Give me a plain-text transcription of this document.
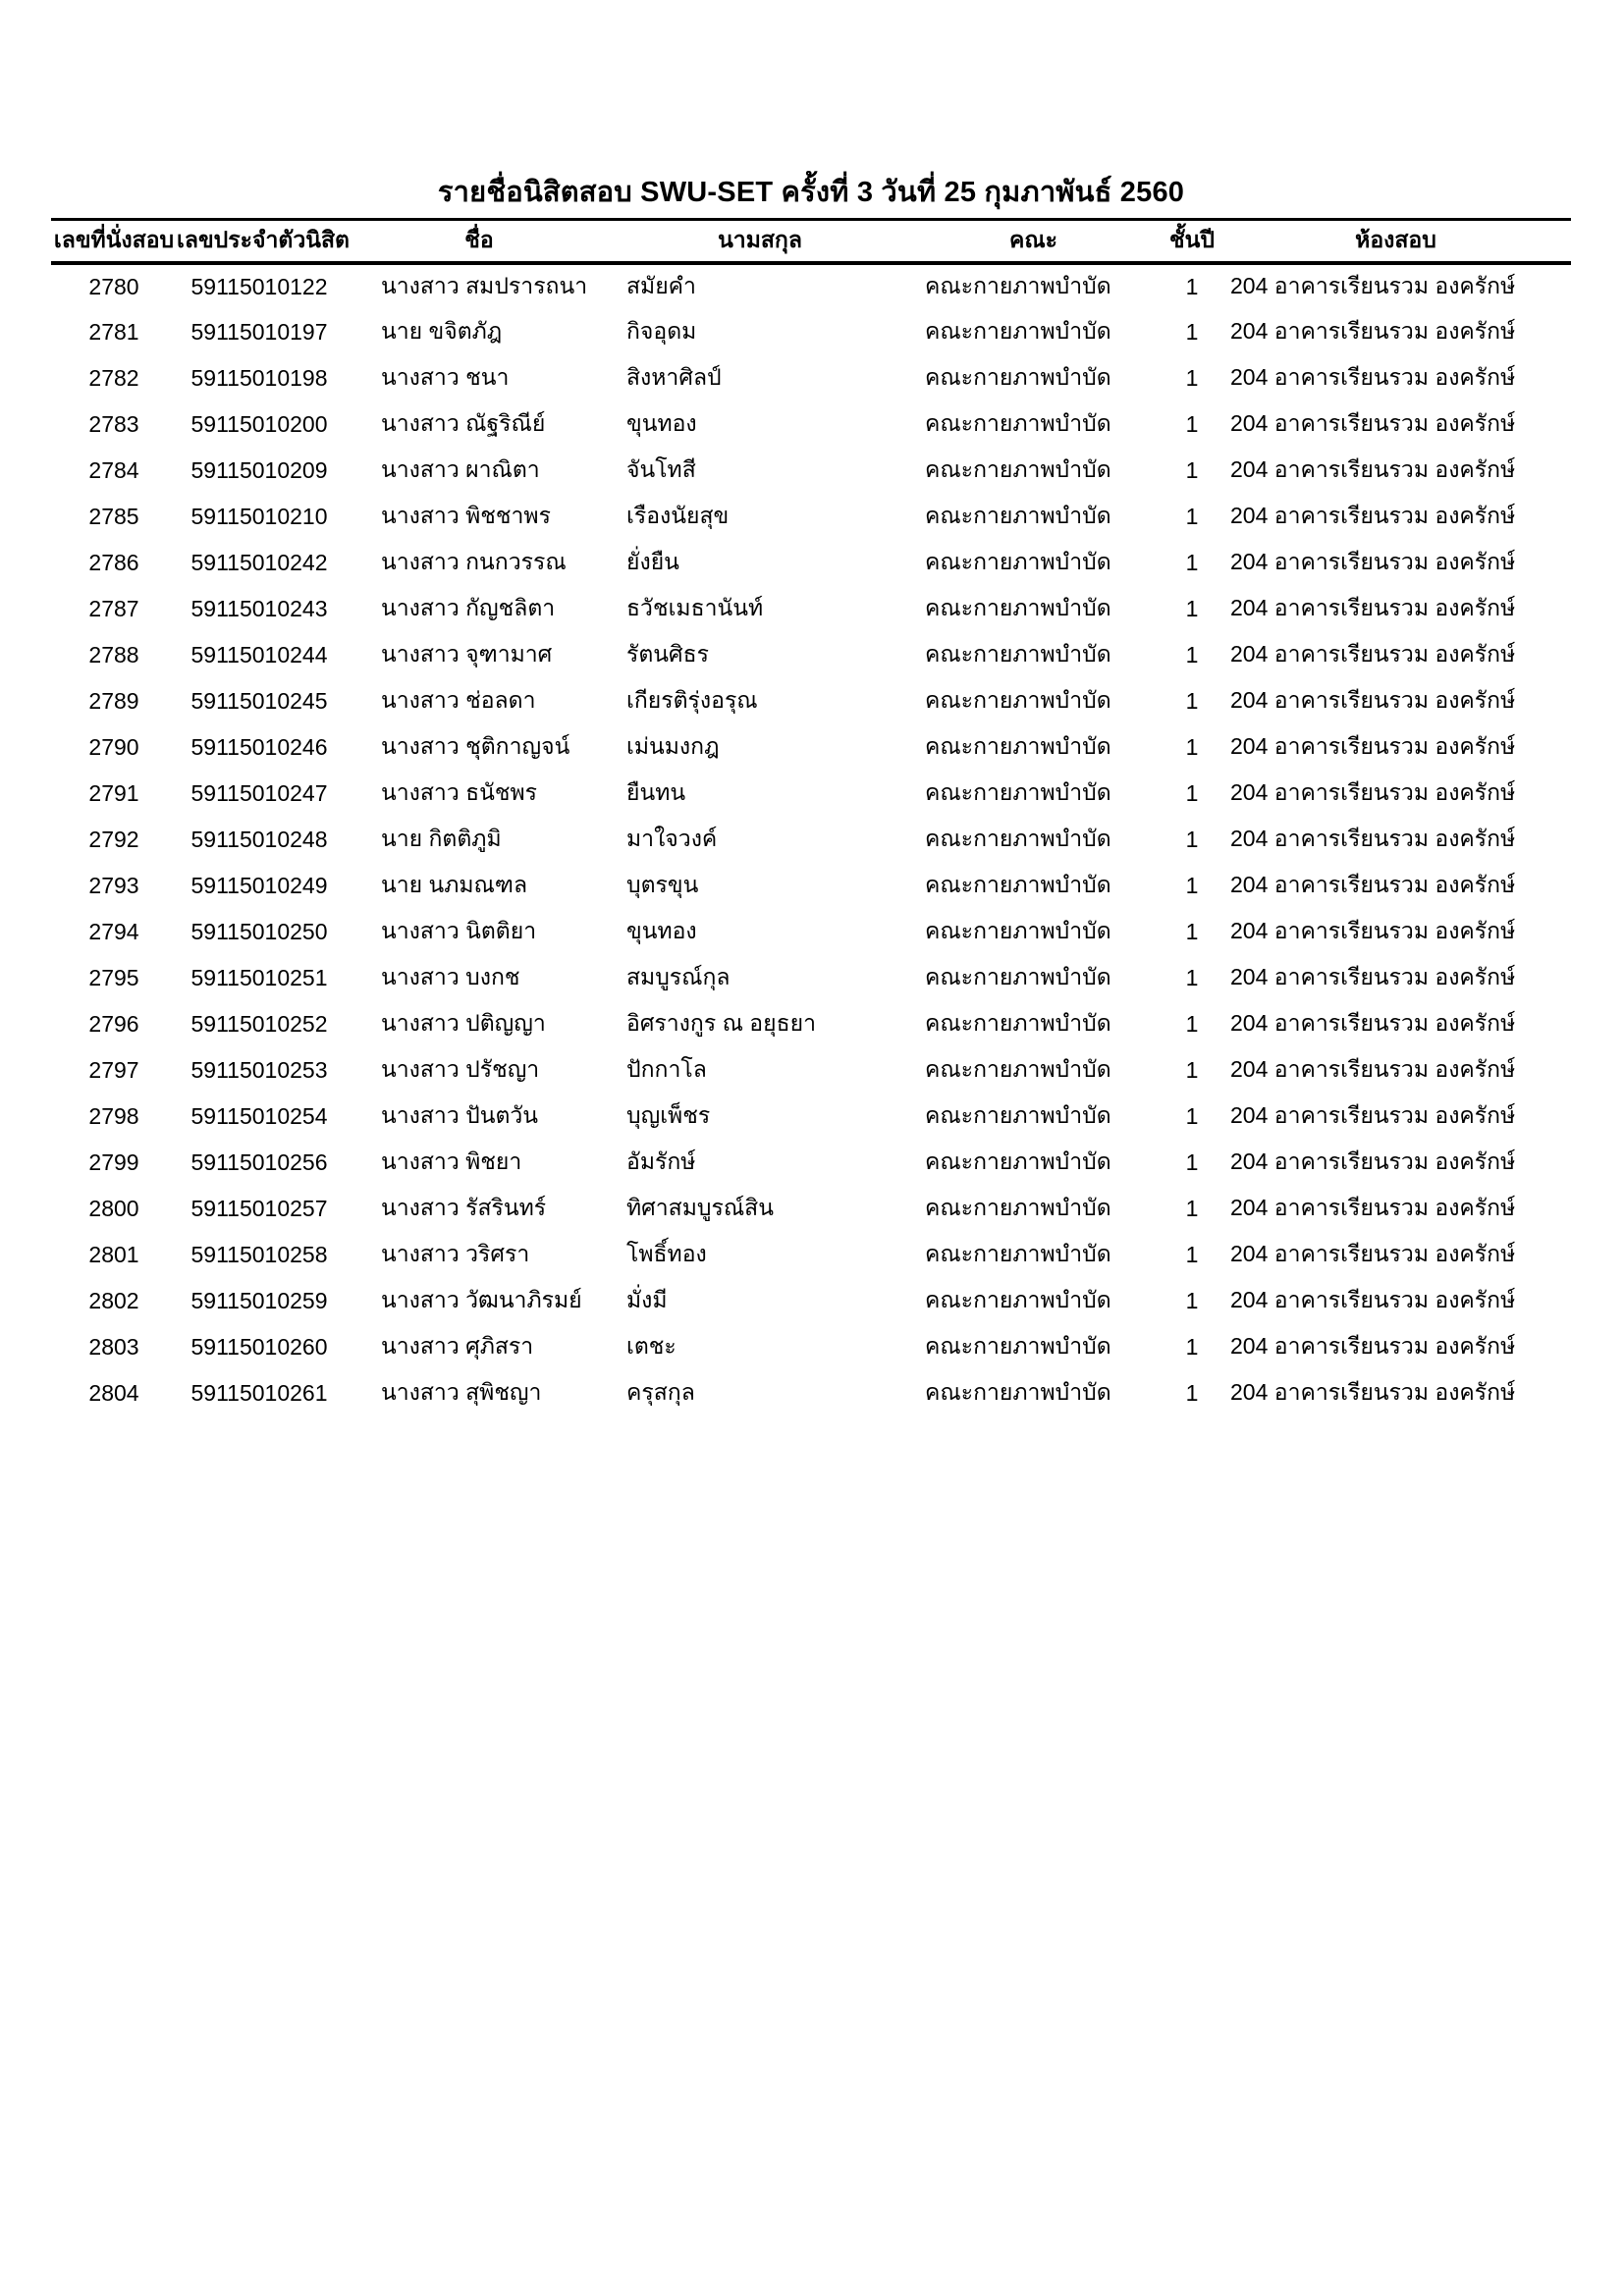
รายชื่อนิสิตสอบ SWU-SET ครั้งที่ 3 วันที่ 25 กุมภาพันธ์ 2560
เลขที่นั่งสอบ	เลขประจำตัวนิสิต	ชื่อ	นามสกุล	คณะ	ชั้นปี	ห้องสอบ
2780	59115010122	นางสาว สมปรารถนา	สมัยคำ	คณะกายภาพบำบัด	1	204 อาคารเรียนรวม องครักษ์
2781	59115010197	นาย ขจิตภัฎ	กิจอุดม	คณะกายภาพบำบัด	1	204 อาคารเรียนรวม องครักษ์
2782	59115010198	นางสาว ชนา	สิงหาศิลป์	คณะกายภาพบำบัด	1	204 อาคารเรียนรวม องครักษ์
2783	59115010200	นางสาว ณัฐริณีย์	ขุนทอง	คณะกายภาพบำบัด	1	204 อาคารเรียนรวม องครักษ์
2784	59115010209	นางสาว ผาณิตา	จันโทสี	คณะกายภาพบำบัด	1	204 อาคารเรียนรวม องครักษ์
2785	59115010210	นางสาว พิชชาพร	เรืองนัยสุข	คณะกายภาพบำบัด	1	204 อาคารเรียนรวม องครักษ์
2786	59115010242	นางสาว กนกวรรณ	ยั่งยืน	คณะกายภาพบำบัด	1	204 อาคารเรียนรวม องครักษ์
2787	59115010243	นางสาว กัญชลิตา	ธวัชเมธานันท์	คณะกายภาพบำบัด	1	204 อาคารเรียนรวม องครักษ์
2788	59115010244	นางสาว จุฑามาศ	รัตนศิธร	คณะกายภาพบำบัด	1	204 อาคารเรียนรวม องครักษ์
2789	59115010245	นางสาว ช่อลดา	เกียรติรุ่งอรุณ	คณะกายภาพบำบัด	1	204 อาคารเรียนรวม องครักษ์
2790	59115010246	นางสาว ชุติกาญจน์	เม่นมงกฎ	คณะกายภาพบำบัด	1	204 อาคารเรียนรวม องครักษ์
2791	59115010247	นางสาว ธนัชพร	ยืนทน	คณะกายภาพบำบัด	1	204 อาคารเรียนรวม องครักษ์
2792	59115010248	นาย กิตติภูมิ	มาใจวงค์	คณะกายภาพบำบัด	1	204 อาคารเรียนรวม องครักษ์
2793	59115010249	นาย นภมณฑล	บุตรขุน	คณะกายภาพบำบัด	1	204 อาคารเรียนรวม องครักษ์
2794	59115010250	นางสาว นิตติยา	ขุนทอง	คณะกายภาพบำบัด	1	204 อาคารเรียนรวม องครักษ์
2795	59115010251	นางสาว บงกช	สมบูรณ์กุล	คณะกายภาพบำบัด	1	204 อาคารเรียนรวม องครักษ์
2796	59115010252	นางสาว ปติญญา	อิศรางกูร ณ อยุธยา	คณะกายภาพบำบัด	1	204 อาคารเรียนรวม องครักษ์
2797	59115010253	นางสาว ปรัชญา	ปักกาโล	คณะกายภาพบำบัด	1	204 อาคารเรียนรวม องครักษ์
2798	59115010254	นางสาว ปันตวัน	บุญเพ็ชร	คณะกายภาพบำบัด	1	204 อาคารเรียนรวม องครักษ์
2799	59115010256	นางสาว พิชยา	อัมรักษ์	คณะกายภาพบำบัด	1	204 อาคารเรียนรวม องครักษ์
2800	59115010257	นางสาว รัสรินทร์	ทิศาสมบูรณ์สิน	คณะกายภาพบำบัด	1	204 อาคารเรียนรวม องครักษ์
2801	59115010258	นางสาว วริศรา	โพธิ์ทอง	คณะกายภาพบำบัด	1	204 อาคารเรียนรวม องครักษ์
2802	59115010259	นางสาว วัฒนาภิรมย์	มั่งมี	คณะกายภาพบำบัด	1	204 อาคารเรียนรวม องครักษ์
2803	59115010260	นางสาว ศุภิสรา	เตชะ	คณะกายภาพบำบัด	1	204 อาคารเรียนรวม องครักษ์
2804	59115010261	นางสาว สุพิชญา	ครุสกุล	คณะกายภาพบำบัด	1	204 อาคารเรียนรวม องครักษ์
